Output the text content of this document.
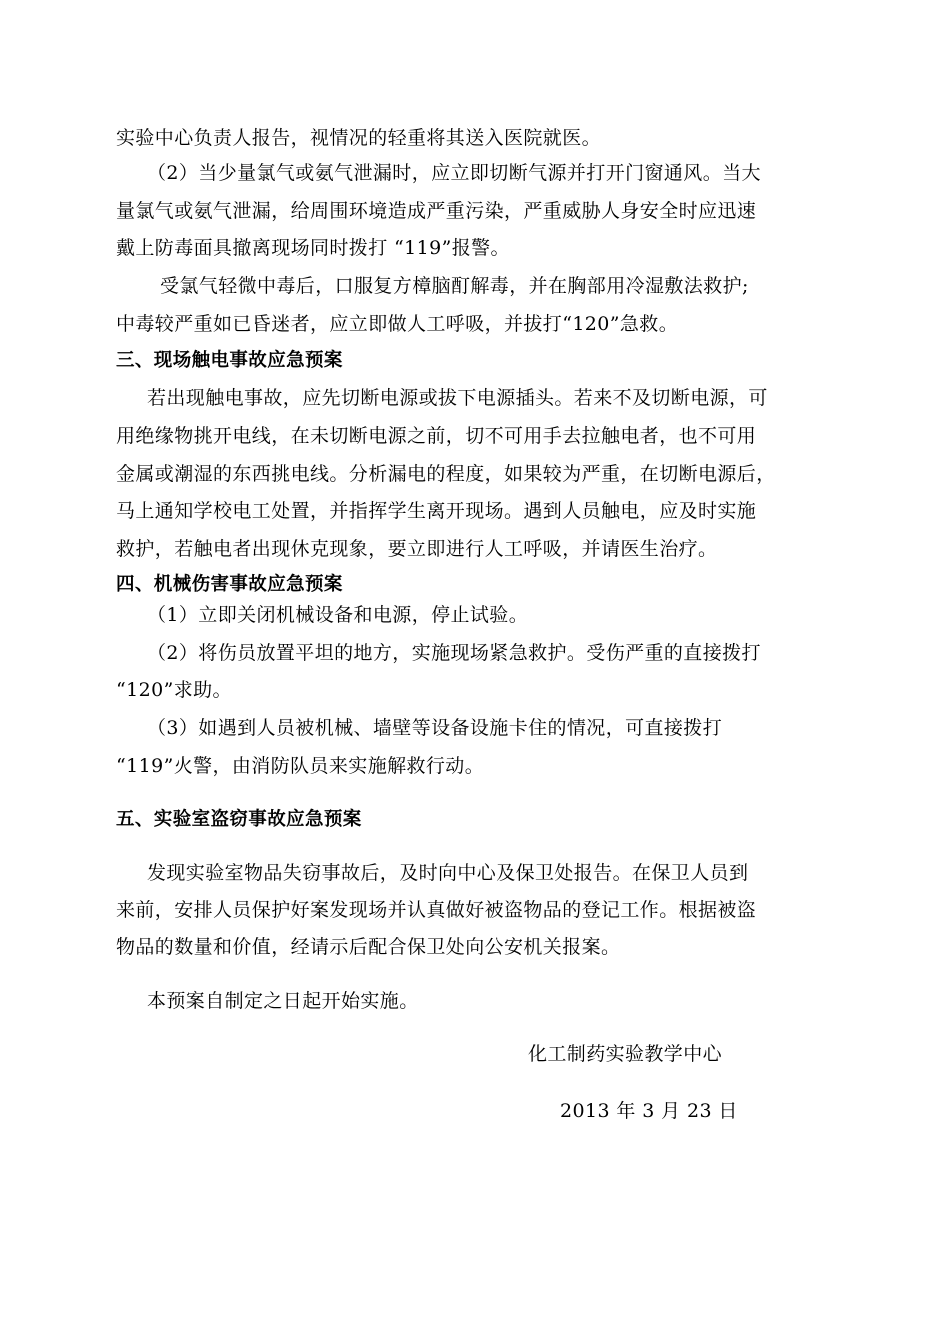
实验中心负责人报告，视情况的轻重将其送入医院就医。
（2）当少量氯气或氨气泄漏时，应立即切断气源并打开门窗通风。当大
量氯气或氨气泄漏，给周围环境造成严重污染，严重威胁人身安全时应迅速
戴上防毒面具撤离现场同时拨打 “119”报警。
受氯气轻微中毒后，口服复方樟脑酊解毒，并在胸部用冷湿敷法救护;
中毒较严重如已昏迷者，应立即做人工呼吸，并拔打“120”急救。
三、现场触电事故应急预案
若出现触电事故，应先切断电源或拔下电源插头。若来不及切断电源，可
用绝缘物挑开电线，在未切断电源之前，切不可用手去拉触电者，也不可用
金属或潮湿的东西挑电线。分析漏电的程度，如果较为严重，在切断电源后，
马上通知学校电工处置，并指挥学生离开现场。遇到人员触电，应及时实施
救护，若触电者出现休克现象，要立即进行人工呼吸，并请医生治疗。
四、机械伤害事故应急预案
（1）立即关闭机械设备和电源，停止试验。
（2）将伤员放置平坦的地方，实施现场紧急救护。受伤严重的直接拨打
“120”求助。
（3）如遇到人员被机械、墙壁等设备设施卡住的情况，可直接拨打
“119”火警，由消防队员来实施解救行动。
五、实验室盗窃事故应急预案
发现实验室物品失窃事故后，及时向中心及保卫处报告。在保卫人员到
来前，安排人员保护好案发现场并认真做好被盗物品的登记工作。根据被盗
物品的数量和价值，经请示后配合保卫处向公安机关报案。
本预案自制定之日起开始实施。
化工制药实验教学中心
2013 年 3 月 23 日
